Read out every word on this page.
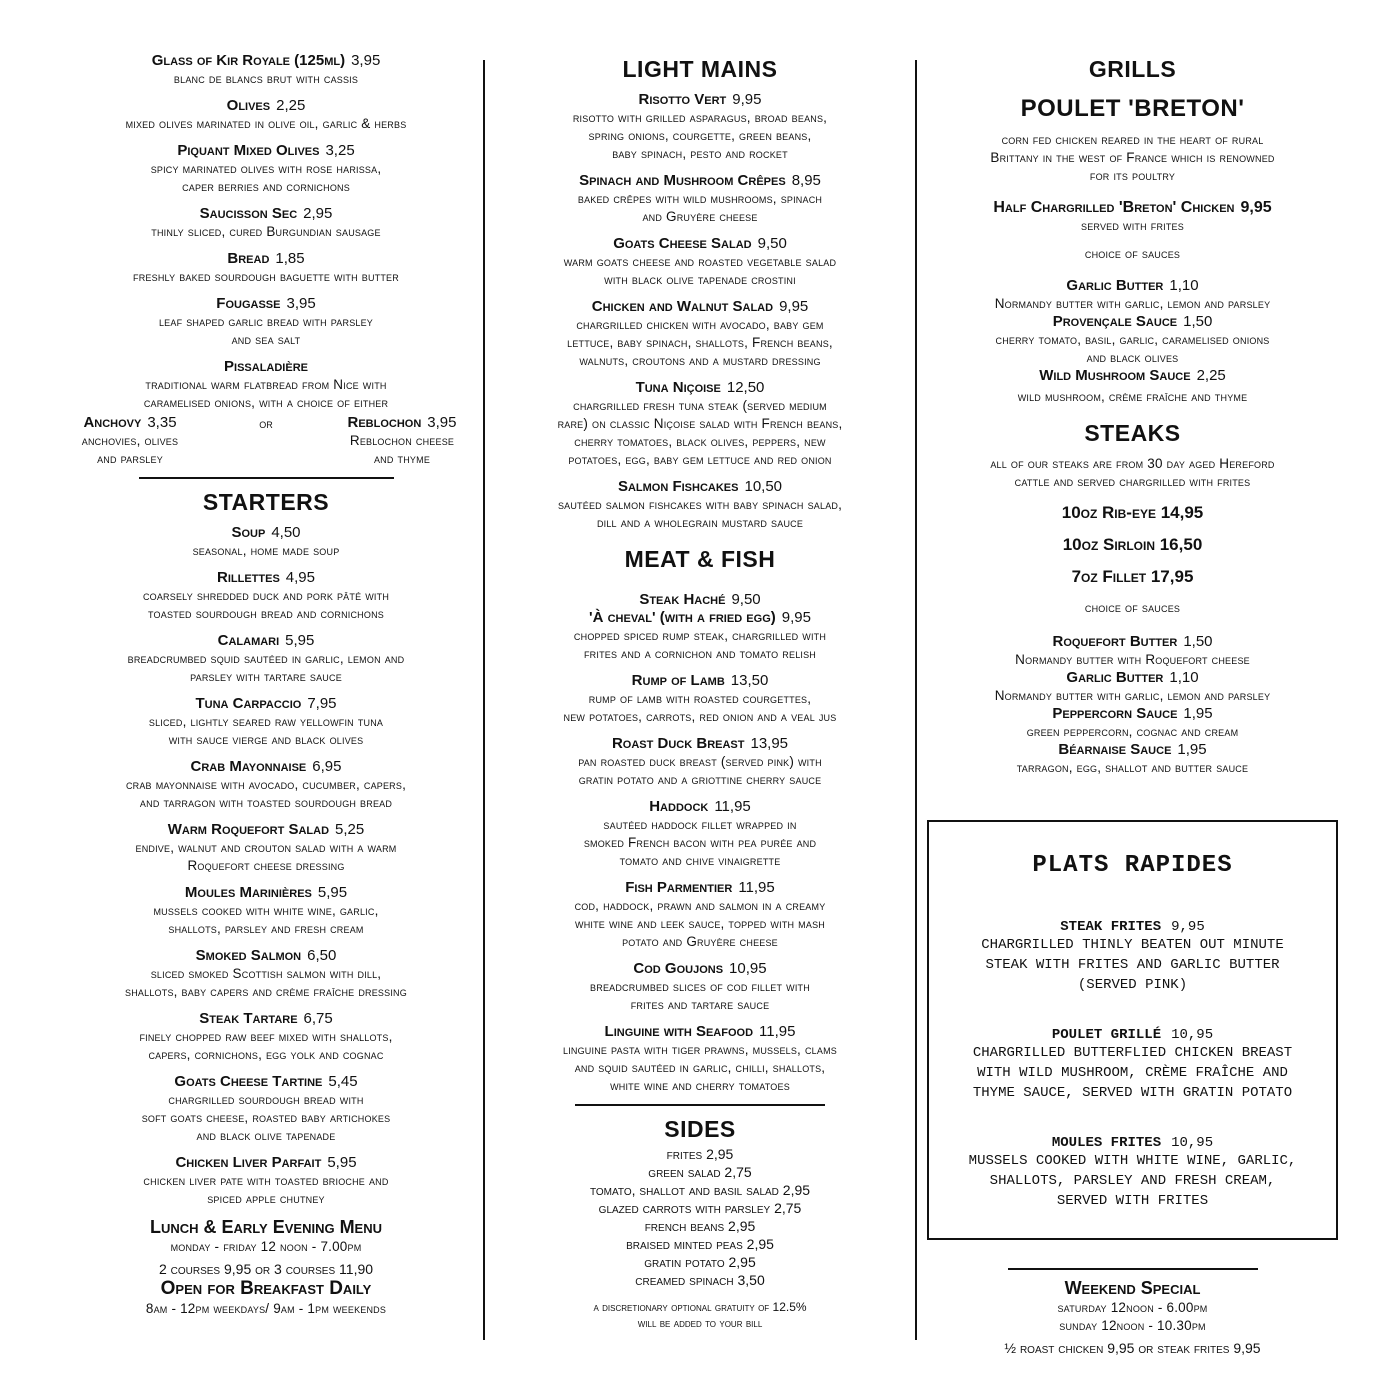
Glass of Kir Royale (125ml) 3,95
blanc de blancs brut with cassis
Olives 2,25
mixed olives marinated in olive oil, garlic & herbs
Piquant Mixed Olives 3,25
spicy marinated olives with rose harissa,
caper berries and cornichons
Saucisson Sec 2,95
thinly sliced, cured Burgundian sausage
Bread 1,85
freshly baked sourdough baguette with butter
Fougasse 3,95
leaf shaped garlic bread with parsley
and sea salt
Pissaladière
traditional warm flatbread from Nice with
caramelised onions, with a choice of either
Anchovy 3,35
anchovies, olives
and parsley
or	Reblochon 3,95
Reblochon cheese
and thyme
STARTERS
Soup 4,50
seasonal, home made soup
Rillettes 4,95
coarsely shredded duck and pork pâté with
toasted sourdough bread and cornichons
Calamari 5,95
breadcrumbed squid sautéed in garlic, lemon and
parsley with tartare sauce
Tuna Carpaccio 7,95
sliced, lightly seared raw yellowfin tuna
with sauce vierge and black olives
Crab Mayonnaise 6,95
crab mayonnaise with avocado, cucumber, capers,
and tarragon with toasted sourdough bread
Warm Roquefort Salad 5,25
endive, walnut and crouton salad with a warm
Roquefort cheese dressing
Moules Marinières 5,95
mussels cooked with white wine, garlic,
shallots, parsley and fresh cream
Smoked Salmon 6,50
sliced smoked Scottish salmon with dill,
shallots, baby capers and crème fraîche dressing
Steak Tartare 6,75
finely chopped raw beef mixed with shallots,
capers, cornichons, egg yolk and cognac
Goats Cheese Tartine 5,45
chargrilled sourdough bread with
soft goats cheese, roasted baby artichokes
and black olive tapenade
Chicken Liver Parfait 5,95
chicken liver pate with toasted brioche and
spiced apple chutney
Lunch & Early Evening Menu
monday - friday 12 noon - 7.00pm
2 courses 9,95 or 3 courses 11,90
Open for Breakfast Daily
8am - 12pm weekdays/ 9am - 1pm weekends
LIGHT MAINS
Risotto Vert 9,95
risotto with grilled asparagus, broad beans,
spring onions, courgette, green beans,
baby spinach, pesto and rocket
Spinach and Mushroom Crêpes 8,95
baked crêpes with wild mushrooms, spinach
and Gruyère cheese
Goats Cheese Salad 9,50
warm goats cheese and roasted vegetable salad
with black olive tapenade crostini
Chicken and Walnut Salad 9,95
chargrilled chicken with avocado, baby gem
lettuce, baby spinach, shallots, French beans,
walnuts, croutons and a mustard dressing
Tuna Niçoise 12,50
chargrilled fresh tuna steak (served medium
rare) on classic Niçoise salad with French beans,
cherry tomatoes, black olives, peppers, new
potatoes, egg, baby gem lettuce and red onion
Salmon Fishcakes 10,50
sautéed salmon fishcakes with baby spinach salad,
dill and a wholegrain mustard sauce
MEAT & FISH
Steak Haché 9,50
'À cheval' (with a fried egg) 9,95
chopped spiced rump steak, chargrilled with
frites and a cornichon and tomato relish
Rump of Lamb 13,50
rump of lamb with roasted courgettes,
new potatoes, carrots, red onion and a veal jus
Roast Duck Breast 13,95
pan roasted duck breast (served pink) with
gratin potato and a griottine cherry sauce
Haddock 11,95
sautéed haddock fillet wrapped in
smoked French bacon with pea purée and
tomato and chive vinaigrette
Fish Parmentier 11,95
cod, haddock, prawn and salmon in a creamy
white wine and leek sauce, topped with mash
potato and Gruyère cheese
Cod Goujons 10,95
breadcrumbed slices of cod fillet with
frites and tartare sauce
Linguine with Seafood 11,95
linguine pasta with tiger prawns, mussels, clams
and squid sautéed in garlic, chilli, shallots,
white wine and cherry tomatoes
SIDES
frites 2,95
green salad 2,75
tomato, shallot and basil salad 2,95
glazed carrots with parsley 2,75
french beans 2,95
braised minted peas 2,95
gratin potato 2,95
creamed spinach 3,50
a discretionary optional gratuity of 12.5%
will be added to your bill
GRILLS
POULET 'BRETON'
corn fed chicken reared in the heart of rural
Brittany in the west of France which is renowned
for its poultry
Half Chargrilled 'Breton' Chicken 9,95
served with frites
choice of sauces
Garlic Butter 1,10
Normandy butter with garlic, lemon and parsley
Provençale Sauce 1,50
cherry tomato, basil, garlic, caramelised onions
and black olives
Wild Mushroom Sauce 2,25
wild mushroom, crème fraîche and thyme
STEAKS
all of our steaks are from 30 day aged Hereford
cattle and served chargrilled with frites
10oz Rib-eye 14,95
10oz Sirloin 16,50
7oz Fillet 17,95
choice of sauces
Roquefort Butter 1,50
Normandy butter with Roquefort cheese
Garlic Butter 1,10
Normandy butter with garlic, lemon and parsley
Peppercorn Sauce 1,95
green peppercorn, cognac and cream
Béarnaise Sauce 1,95
tarragon, egg, shallot and butter sauce
PLATS RAPIDES
STEAK FRITES 9,95
CHARGRILLED THINLY BEATEN OUT MINUTE
STEAK WITH FRITES AND GARLIC BUTTER
(SERVED PINK)
POULET GRILLÉ 10,95
CHARGRILLED BUTTERFLIED CHICKEN BREAST
WITH WILD MUSHROOM, CRÈME FRAÎCHE AND
THYME SAUCE, SERVED WITH GRATIN POTATO
MOULES FRITES 10,95
MUSSELS COOKED WITH WHITE WINE, GARLIC,
SHALLOTS, PARSLEY AND FRESH CREAM,
SERVED WITH FRITES
Weekend Special
saturday 12noon - 6.00pm
sunday 12noon - 10.30pm
½ roast chicken 9,95 or steak frites 9,95
